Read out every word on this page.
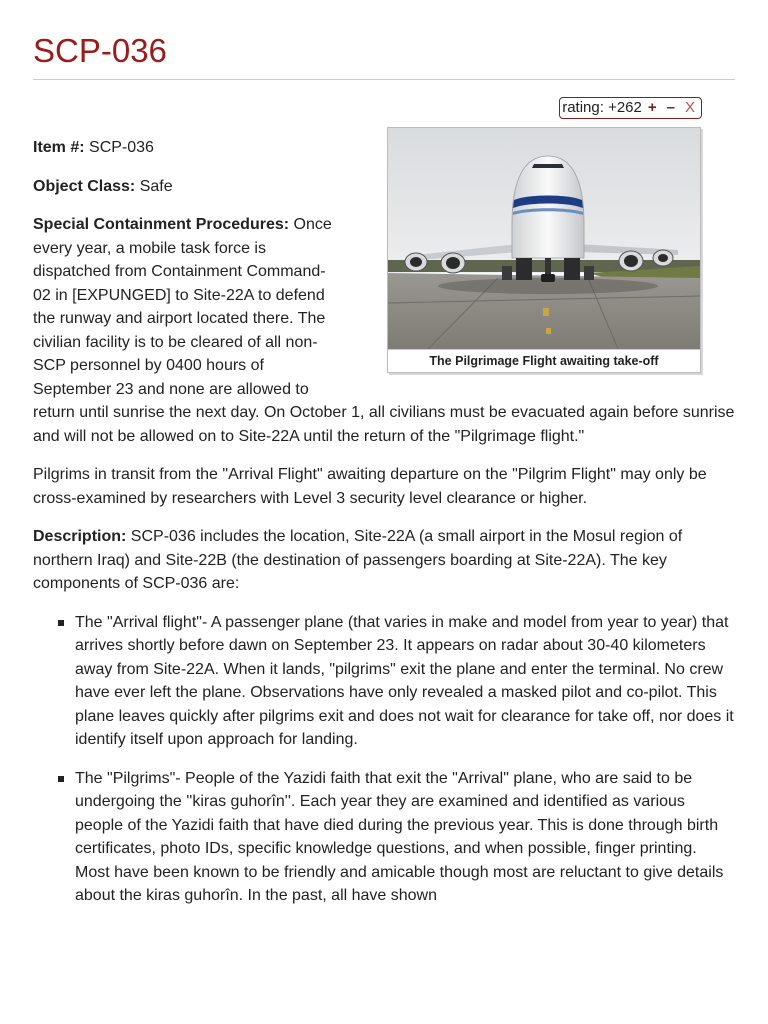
SCP-036
rating: +262 + – X
The Pilgrimage Flight awaiting take-off

Item #: SCP-036

Object Class: Safe

Special Containment Procedures: Once
every year, a mobile task force is
dispatched from Containment Command-
02 in [EXPUNGED] to Site-22A to defend
the runway and airport located there. The
civilian facility is to be cleared of all non-
SCP personnel by 0400 hours of
September 23 and none are allowed to
return until sunrise the next day. On October 1, all civilians must be evacuated again before sunrise and will not be allowed on to Site-22A until the return of the "Pilgrimage flight."

Pilgrims in transit from the "Arrival Flight" awaiting departure on the "Pilgrim Flight" may only be cross-examined by researchers with Level 3 security level clearance or higher.

Description: SCP-036 includes the location, Site-22A (a small airport in the Mosul region of northern Iraq) and Site-22B (the destination of passengers boarding at Site-22A). The key components of SCP-036 are:

The "Arrival flight"- A passenger plane (that varies in make and model from year to year) that arrives shortly before dawn on September 23. It appears on radar about 30-40 kilometers away from Site-22A. When it lands, "pilgrims" exit the plane and enter the terminal. No crew have ever left the plane. Observations have only revealed a masked pilot and co-pilot. This plane leaves quickly after pilgrims exit and does not wait for clearance for take off, nor does it identify itself upon approach for landing.
The "Pilgrims"- People of the Yazidi faith that exit the "Arrival" plane, who are said to be undergoing the ''kiras guhorîn''. Each year they are examined and identified as various people of the Yazidi faith that have died during the previous year. This is done through birth certificates, photo IDs, specific knowledge questions, and when possible, finger printing. Most have been known to be friendly and amicable though most are reluctant to give details about the kiras guhorîn. In the past, all have shown
